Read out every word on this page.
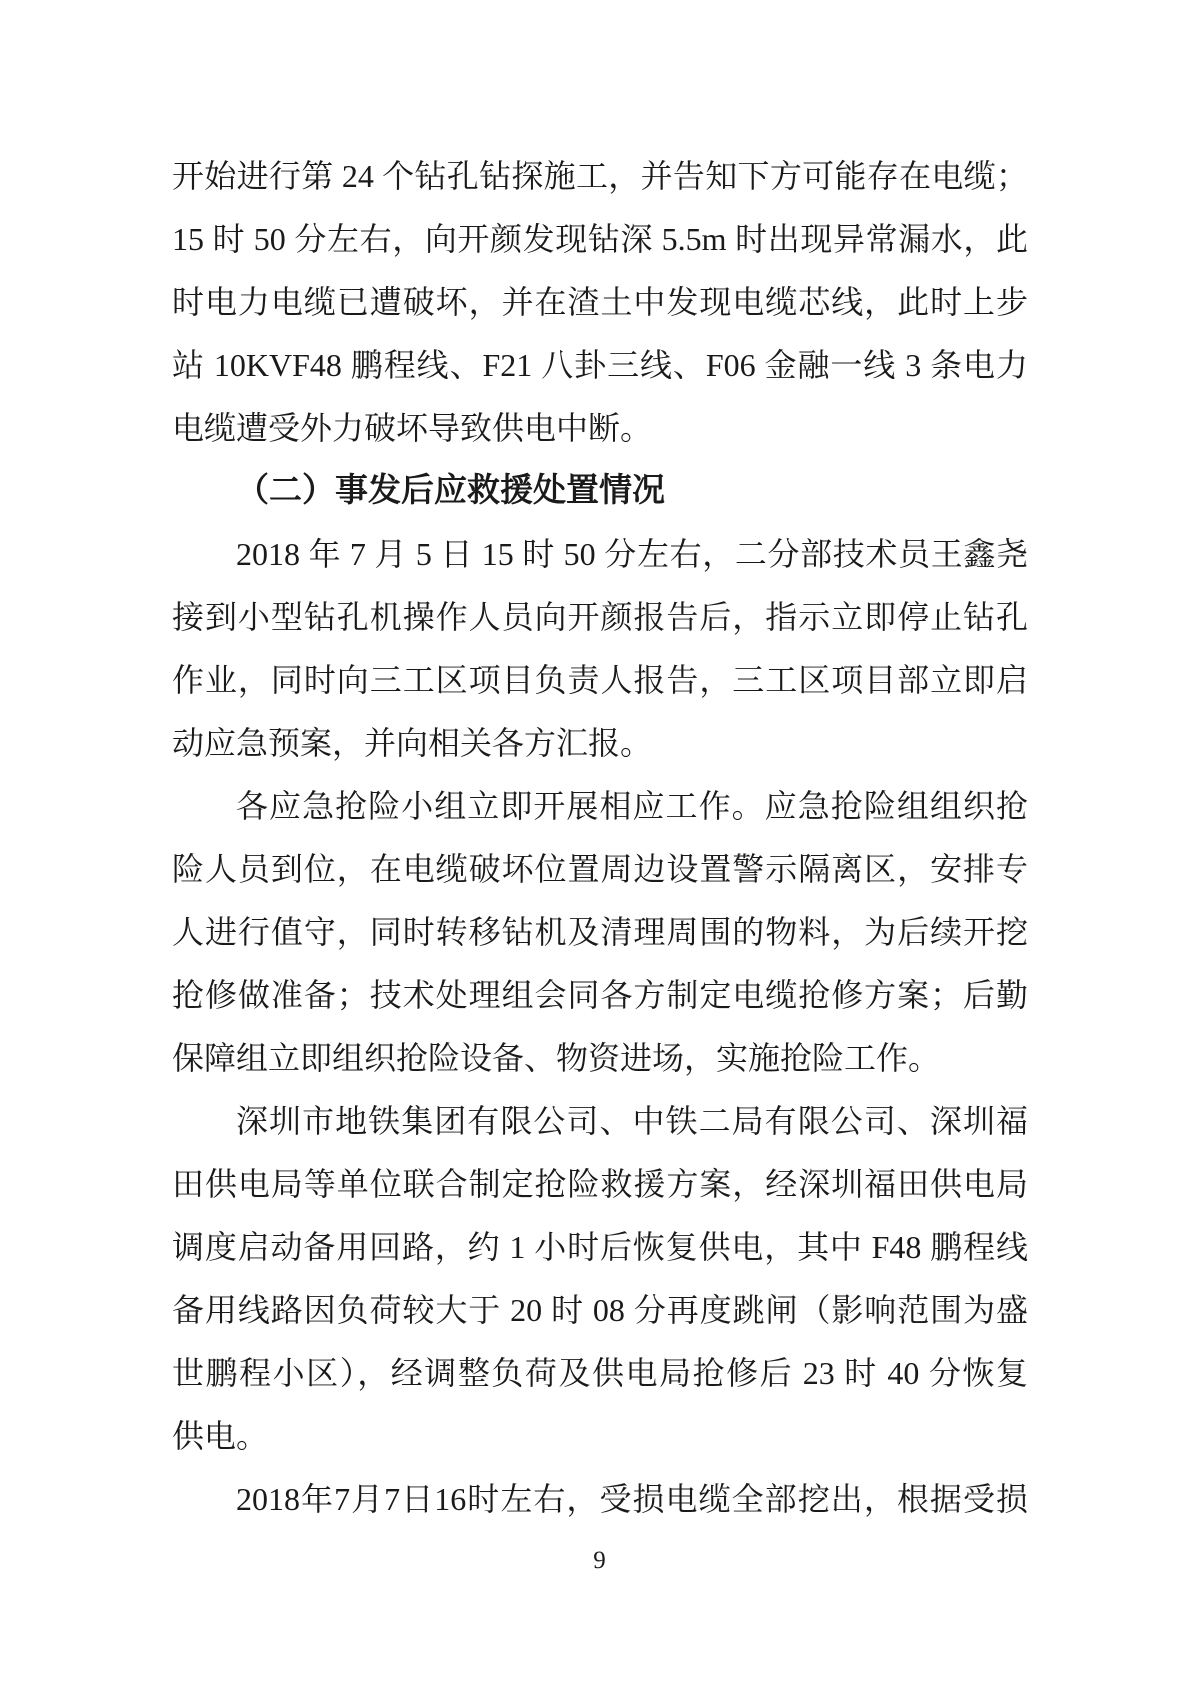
开始进行第 24 个钻孔钻探施工，并告知下方可能存在电缆；
15 时 50 分左右，向开颜发现钻深 5.5m 时出现异常漏水，此
时电力电缆已遭破坏，并在渣土中发现电缆芯线，此时上步
站 10KVF48 鹏程线、F21 八卦三线、F06 金融一线 3 条电力
电缆遭受外力破坏导致供电中断。
（二）事发后应救援处置情况
2018 年 7 月 5 日 15 时 50 分左右，二分部技术员王鑫尧
接到小型钻孔机操作人员向开颜报告后，指示立即停止钻孔
作业，同时向三工区项目负责人报告，三工区项目部立即启
动应急预案，并向相关各方汇报。
各应急抢险小组立即开展相应工作。应急抢险组组织抢
险人员到位，在电缆破坏位置周边设置警示隔离区，安排专
人进行值守，同时转移钻机及清理周围的物料，为后续开挖
抢修做准备；技术处理组会同各方制定电缆抢修方案；后勤
保障组立即组织抢险设备、物资进场，实施抢险工作。
深圳市地铁集团有限公司、中铁二局有限公司、深圳福
田供电局等单位联合制定抢险救援方案，经深圳福田供电局
调度启动备用回路，约 1 小时后恢复供电，其中 F48 鹏程线
备用线路因负荷较大于 20 时 08 分再度跳闸（影响范围为盛
世鹏程小区），经调整负荷及供电局抢修后 23 时 40 分恢复
供电。
2018年7月7日16时左右，受损电缆全部挖出，根据受损
9
